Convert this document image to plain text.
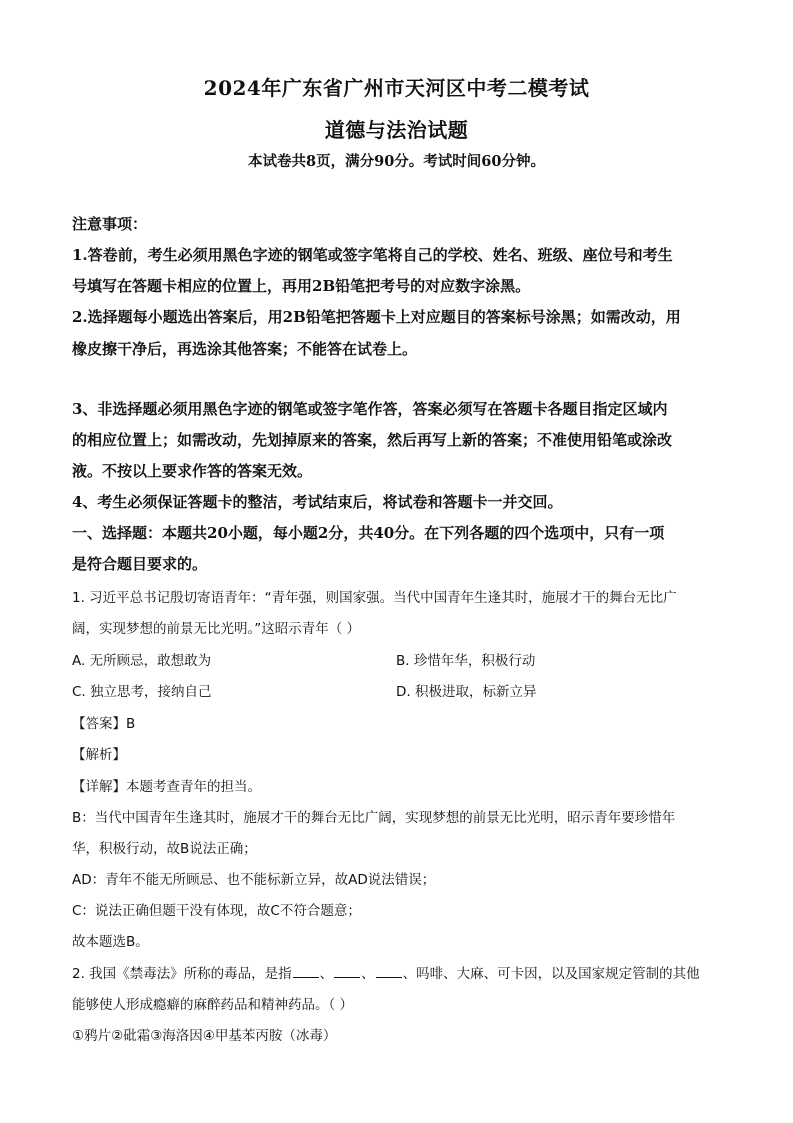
2024年广东省广州市天河区中考二模考试
道德与法治试题
本试卷共8页，满分90分。考试时间60分钟。
注意事项：
1.答卷前，考生必须用黑色字迹的钢笔或签字笔将自己的学校、姓名、班级、座位号和考生
号填写在答题卡相应的位置上，再用2B铅笔把考号的对应数字涂黑。
2.选择题每小题选出答案后，用2B铅笔把答题卡上对应题目的答案标号涂黑；如需改动，用
橡皮擦干净后，再选涂其他答案；不能答在试卷上。
3、非选择题必须用黑色字迹的钢笔或签字笔作答，答案必须写在答题卡各题目指定区域内
的相应位置上；如需改动，先划掉原来的答案，然后再写上新的答案；不准使用铅笔或涂改
液。不按以上要求作答的答案无效。
4、考生必须保证答题卡的整洁，考试结束后，将试卷和答题卡一并交回。
一、选择题：本题共20小题，每小题2分，共40分。在下列各题的四个选项中，只有一项
是符合题目要求的。
1. 习近平总书记殷切寄语青年：“青年强，则国家强。当代中国青年生逢其时，施展才干的舞台无比广
阔，实现梦想的前景无比光明。”这昭示青年（ ）
A. 无所顾忌，敢想敢为	B. 珍惜年华，积极行动
C. 独立思考，接纳自己	D. 积极进取，标新立异
【答案】B
【解析】
【详解】本题考查青年的担当。
B：当代中国青年生逢其时，施展才干的舞台无比广阔，实现梦想的前景无比光明，昭示青年要珍惜年
华，积极行动，故B说法正确；
AD：青年不能无所顾忌、也不能标新立异，故AD说法错误；
C：说法正确但题干没有体现，故C不符合题意；
故本题选B。
2. 我国《禁毒法》所称的毒品，是指 、 、 、吗啡、大麻、可卡因，以及国家规定管制的其他
能够使人形成瘾癖的麻醉药品和精神药品。（ ）
①鸦片②砒霜③海洛因④甲基苯丙胺（冰毒）
